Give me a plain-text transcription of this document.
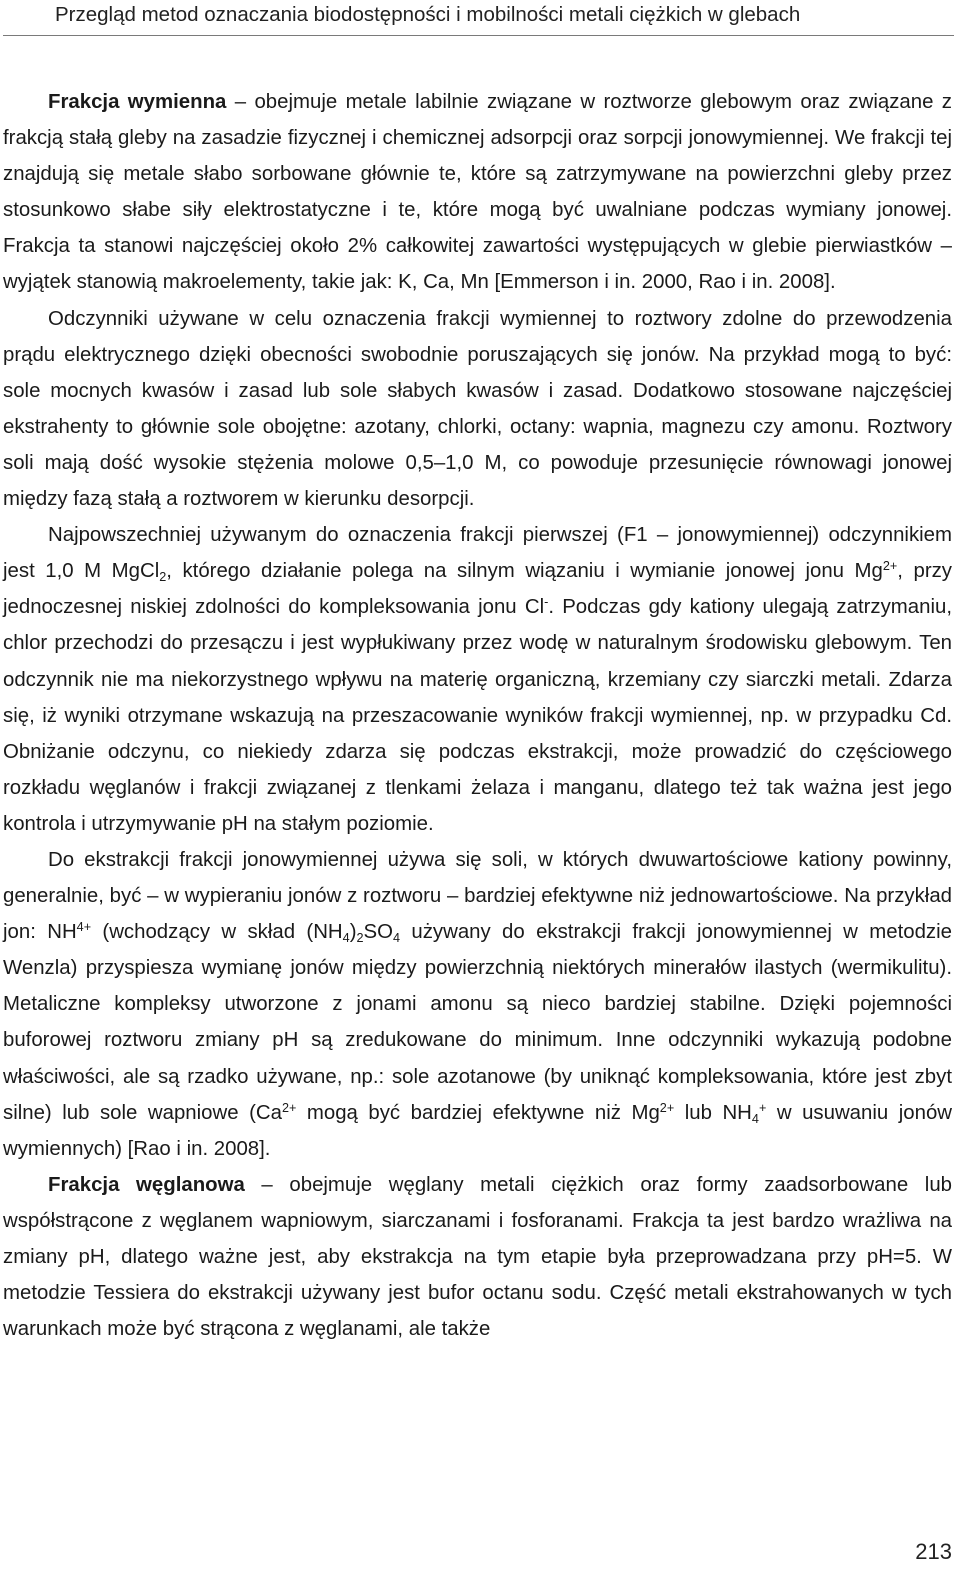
Przegląd metod oznaczania biodostępności i mobilności metali ciężkich w glebach

Frakcja wymienna – obejmuje metale labilnie związane w roztworze glebowym oraz związane z frakcją stałą gleby na zasadzie fizycznej i chemicznej adsorpcji oraz sorpcji jonowymiennej. We frakcji tej znajdują się metale słabo sorbowane głównie te, które są zatrzymywane na powierzchni gleby przez stosunkowo słabe siły elektrostatyczne i te, które mogą być uwalniane podczas wymiany jonowej. Frakcja ta stanowi najczęściej około 2% całkowitej zawartości występujących w glebie pierwiastków – wyjątek stanowią makroelementy, takie jak: K, Ca, Mn [Emmerson i in. 2000, Rao i in. 2008].

Odczynniki używane w celu oznaczenia frakcji wymiennej to roztwory zdolne do przewodzenia prądu elektrycznego dzięki obecności swobodnie poruszających się jonów. Na przykład mogą to być: sole mocnych kwasów i zasad lub sole słabych kwasów i zasad. Dodatkowo stosowane najczęściej ekstrahenty to głównie sole obojętne: azotany, chlorki, octany: wapnia, magnezu czy amonu. Roztwory soli mają dość wysokie stężenia molowe 0,5–1,0 M, co powoduje przesunięcie równowagi jonowej między fazą stałą a roztworem w kierunku desorpcji.

Najpowszechniej używanym do oznaczenia frakcji pierwszej (F1 – jonowymiennej) odczynnikiem jest 1,0 M MgCl$_2$, którego działanie polega na silnym wiązaniu i wymianie jonowej jonu $Mg^{2+}$, przy jednoczesnej niskiej zdolności do kompleksowania jonu Cl-. Podczas gdy kationy ulegają zatrzymaniu, chlor przechodzi do przesączu i jest wypłukiwany przez wodę w naturalnym środowisku glebowym. Ten odczynnik nie ma niekorzystnego wpływu na materię organiczną, krzemiany czy siarczki metali. Zdarza się, iż wyniki otrzymane wskazują na przeszacowanie wyników frakcji wymiennej, np. w przypadku Cd. Obniżanie odczynu, co niekiedy zdarza się podczas ekstrakcji, może prowadzić do częściowego rozkładu węglanów i frakcji związanej z tlenkami żelaza i manganu, dlatego też tak ważna jest jego kontrola i utrzymywanie pH na stałym poziomie.

Do ekstrakcji frakcji jonowymiennej używa się soli, w których dwuwartościowe kationy powinny, generalnie, być – w wypieraniu jonów z roztworu – bardziej efektywne niż jednowartościowe. Na przykład jon: $NH^{4+}$ (wchodzący w skład $(NH_4)_2SO_4$ używany do ekstrakcji frakcji jonowymiennej w metodzie Wenzla) przyspiesza wymianę jonów między powierzchnią niektórych minerałów ilastych (wermikulitu). Metaliczne kompleksy utworzone z jonami amonu są nieco bardziej stabilne. Dzięki pojemności buforowej roztworu zmiany pH są zredukowane do minimum. Inne odczynniki wykazują podobne właściwości, ale są rzadko używane, np.: sole azotanowe (by uniknąć kompleksowania, które jest zbyt silne) lub sole wapniowe ($Ca^{2+}$ mogą być bardziej efektywne niż $Mg^{2+}$ lub $NH_4^+$ w usuwaniu jonów wymiennych) [Rao i in. 2008].

Frakcja węglanowa – obejmuje węglany metali ciężkich oraz formy zaadsorbowane lub współstrącone z węglanem wapniowym, siarczanami i fosforanami. Frakcja ta jest bardzo wrażliwa na zmiany pH, dlatego ważne jest, aby ekstrakcja na tym etapie była przeprowadzana przy pH=5. W metodzie Tessiera do ekstrakcji używany jest bufor octanu sodu. Część metali ekstrahowanych w tych warunkach może być strącona z węglanami, ale także

213
